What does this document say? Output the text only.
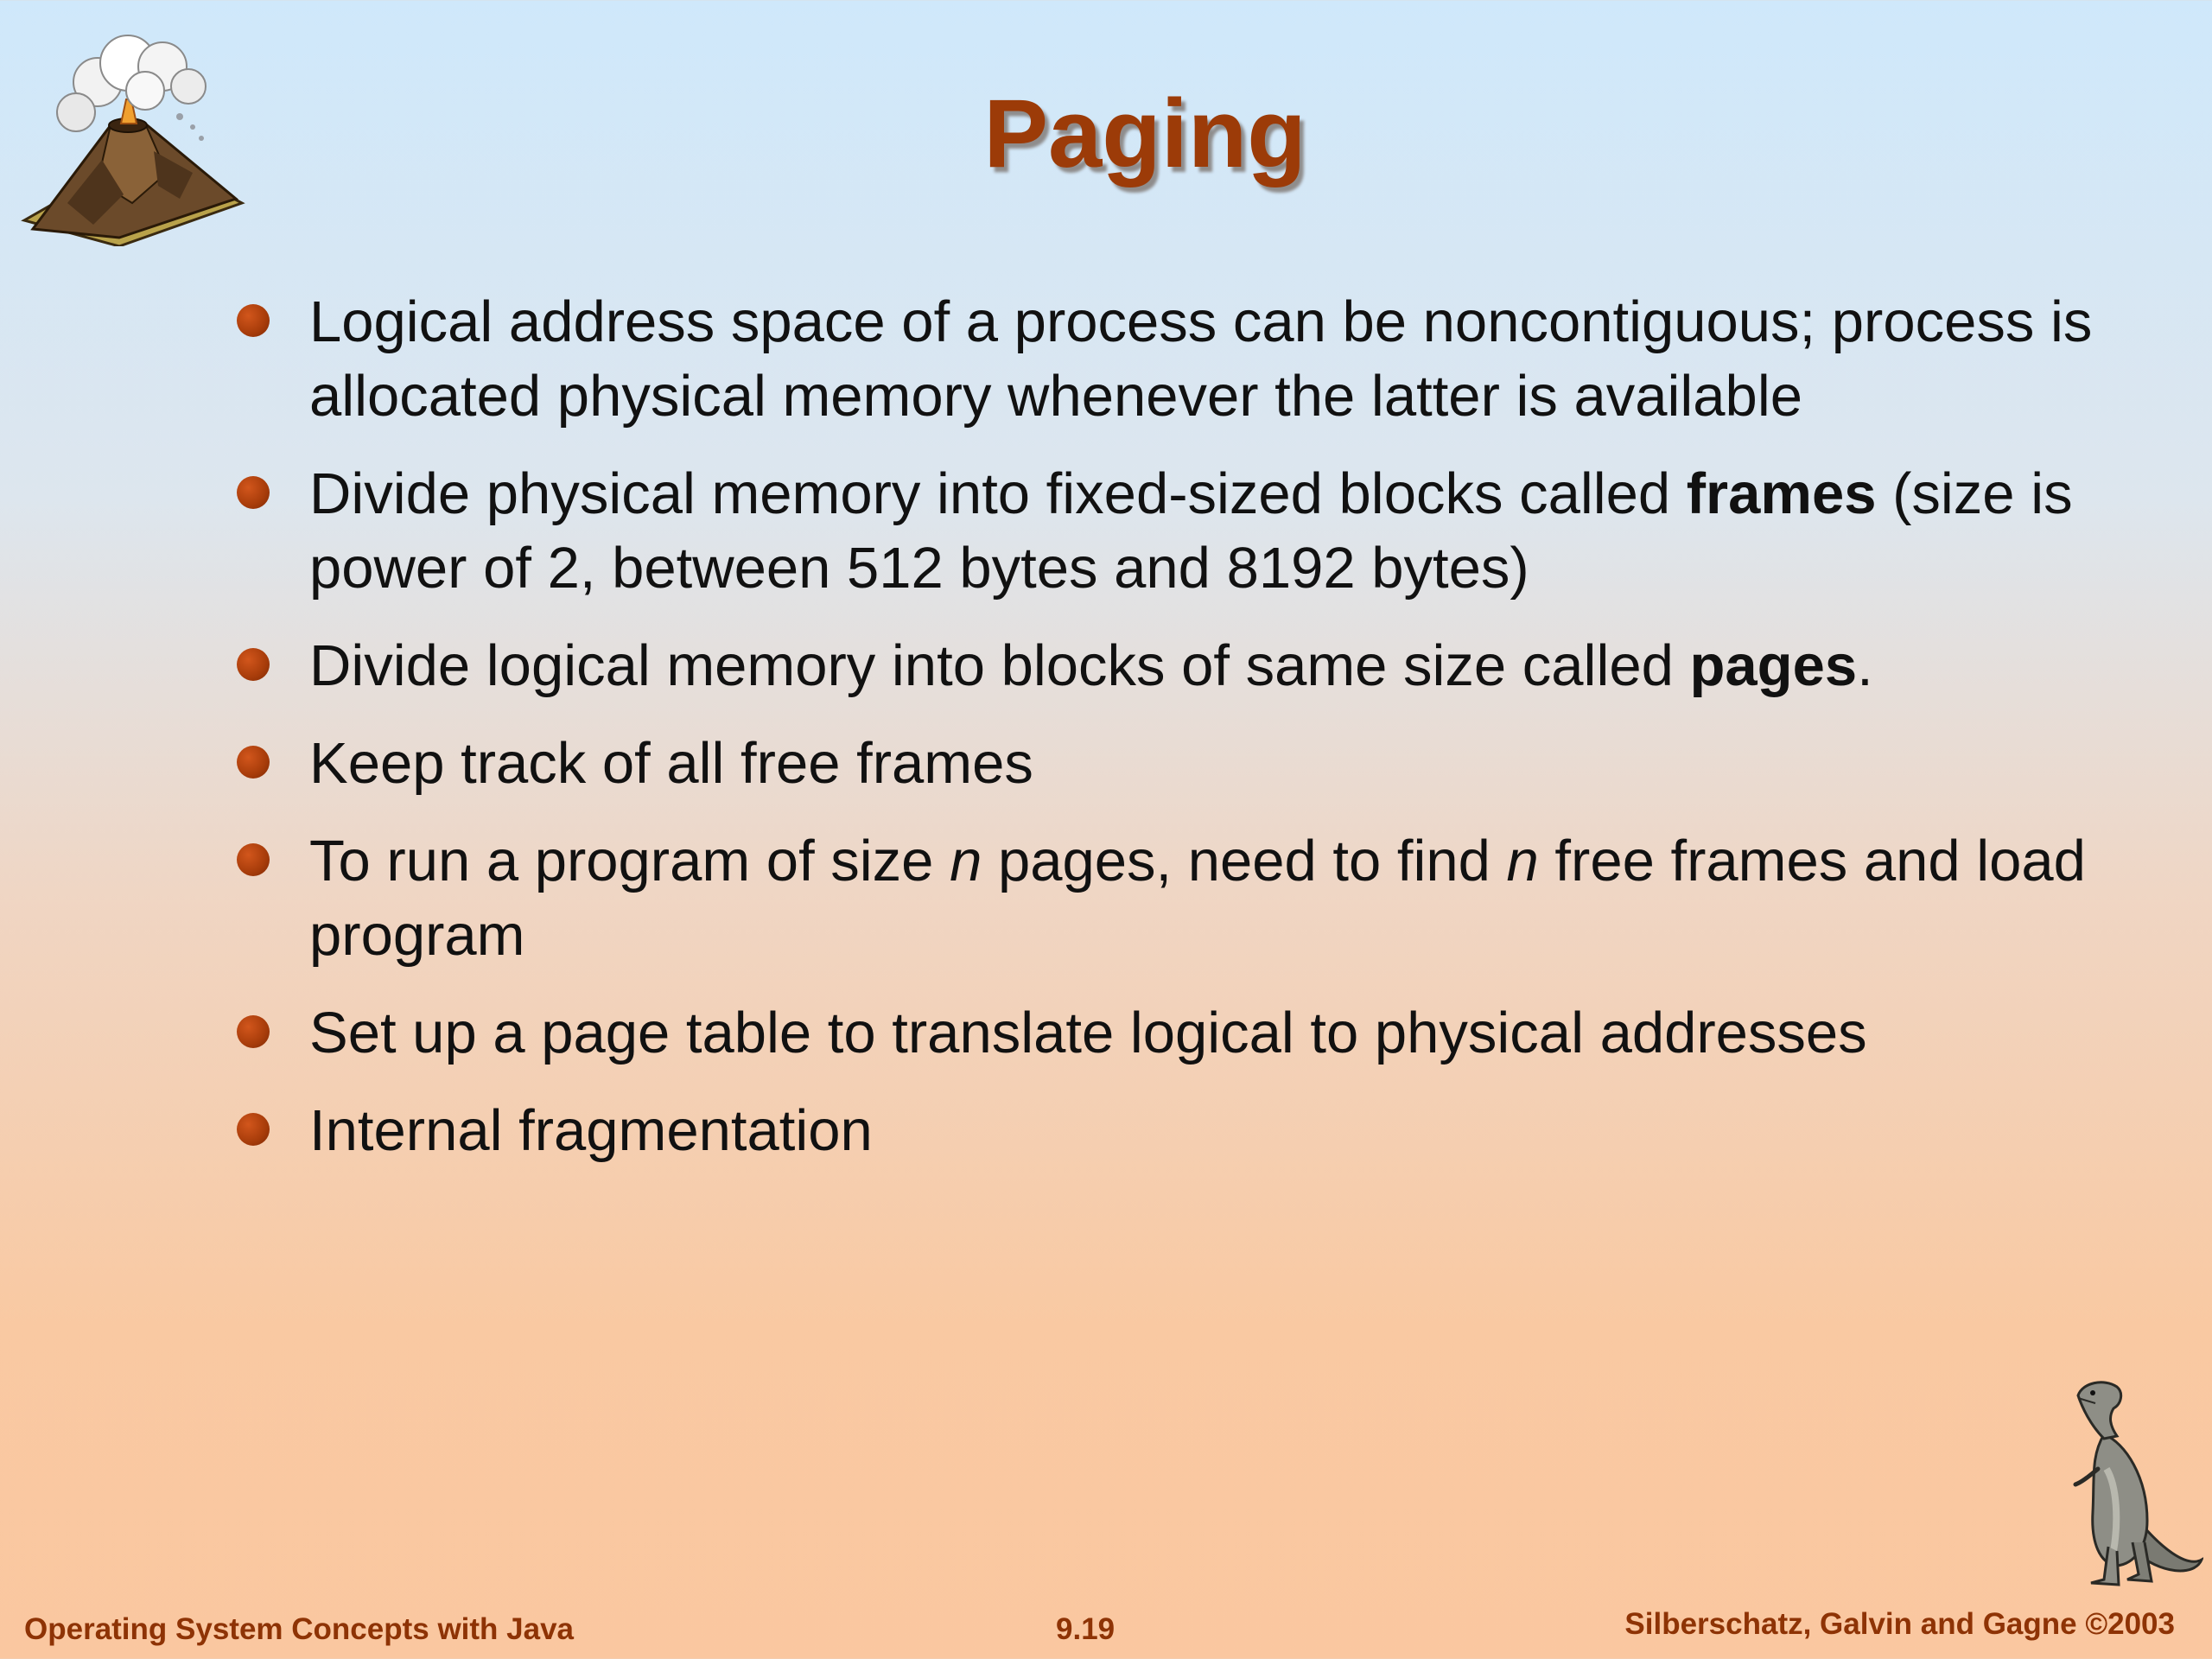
Paging
Logical address space of a process can be noncontiguous; process is allocated physical memory whenever the latter is available
Divide physical memory into fixed-sized blocks called frames (size is power of 2, between 512 bytes and 8192 bytes)
Divide logical memory into blocks of same size called pages.
Keep track of all free frames
To run a program of size n pages, need to find n free frames and load program
Set up a page table to translate logical to physical addresses
Internal fragmentation
Operating System Concepts with Java	9.19	Silberschatz, Galvin and Gagne ©2003
